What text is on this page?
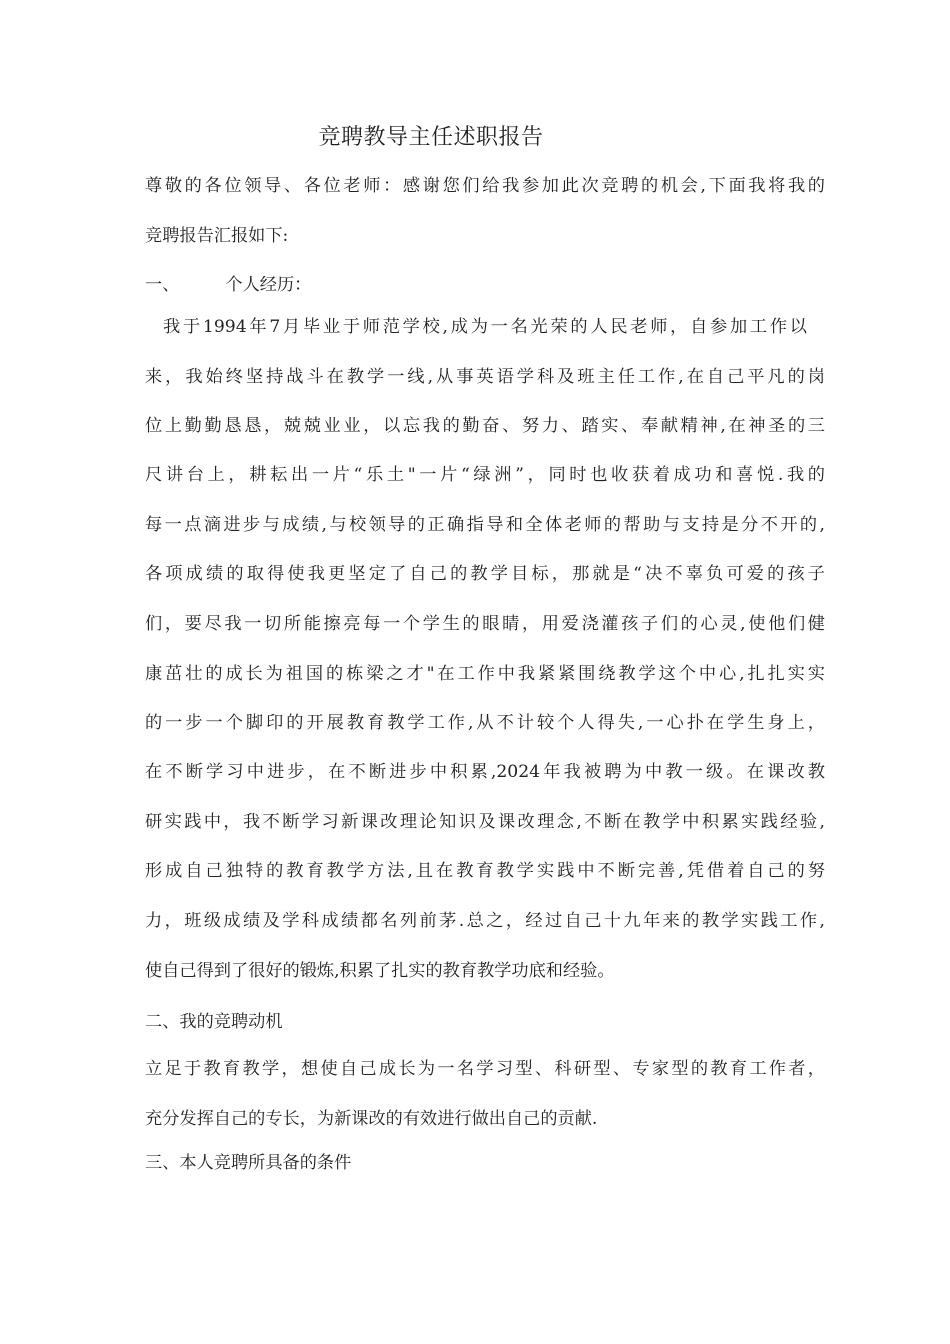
竞聘教导主任述职报告
尊敬的各位领导、各位老师：感谢您们给我参加此次竞聘的机会,下面我将我的
竞聘报告汇报如下:
一、	个人经历：
我于1994年7月毕业于师范学校,成为一名光荣的人民老师，自参加工作以
来，我始终坚持战斗在教学一线,从事英语学科及班主任工作,在自己平凡的岗
位上勤勤恳恳，兢兢业业，以忘我的勤奋、努力、踏实、奉献精神,在神圣的三
尺讲台上，耕耘出一片“乐土"一片“绿洲”，同时也收获着成功和喜悦.我的
每一点滴进步与成绩,与校领导的正确指导和全体老师的帮助与支持是分不开的,
各项成绩的取得使我更坚定了自己的教学目标，那就是“决不辜负可爱的孩子
们，要尽我一切所能擦亮每一个学生的眼睛，用爱浇灌孩子们的心灵,使他们健
康茁壮的成长为祖国的栋梁之才"在工作中我紧紧围绕教学这个中心,扎扎实实
的一步一个脚印的开展教育教学工作,从不计较个人得失,一心扑在学生身上，
在不断学习中进步，在不断进步中积累,2024年我被聘为中教一级。在课改教
研实践中，我不断学习新课改理论知识及课改理念,不断在教学中积累实践经验,
形成自己独特的教育教学方法,且在教育教学实践中不断完善,凭借着自己的努
力，班级成绩及学科成绩都名列前茅.总之，经过自己十九年来的教学实践工作,
使自己得到了很好的锻炼,积累了扎实的教育教学功底和经验。
二、我的竞聘动机
立足于教育教学，想使自己成长为一名学习型、科研型、专家型的教育工作者，
充分发挥自己的专长，为新课改的有效进行做出自己的贡献.
三、本人竞聘所具备的条件
